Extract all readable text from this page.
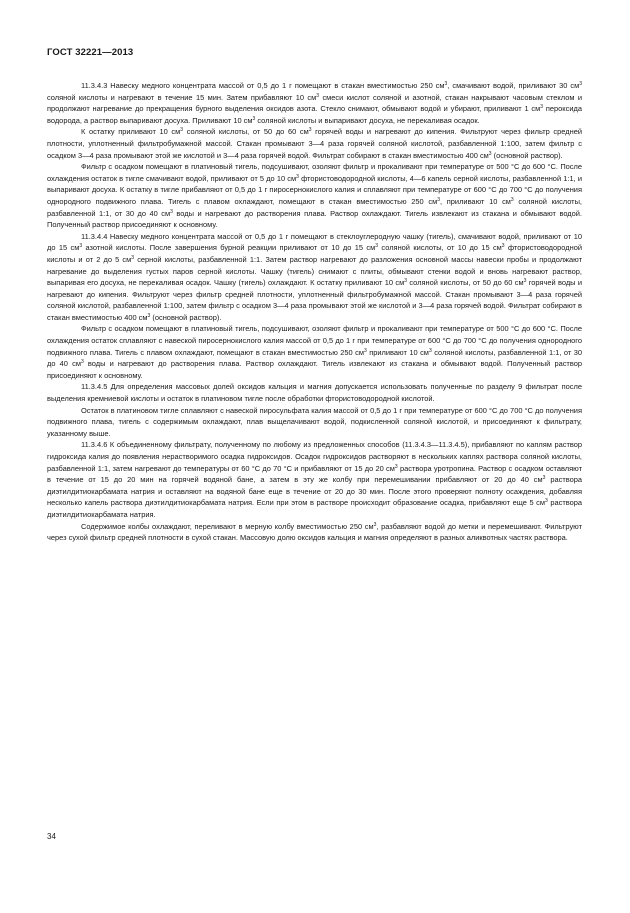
ГОСТ 32221—2013

11.3.4.3 Навеску медного концентрата массой от 0,5 до 1 г помещают в стакан вместимостью 250 $см^3$, смачивают водой, приливают 30 $см^3$ соляной кислоты и нагревают в течение 15 мин. Затем прибавляют 10 $см^3$ смеси кислот соляной и азотной, стакан накрывают часовым стеклом и продолжают нагревание до прекращения бурного выделения оксидов азота. Стекло снимают, обмывают водой и убирают, приливают 1 $см^3$ пероксида водорода, а раствор выпаривают досуха. Приливают 10 $см^3$ соляной кислоты и выпаривают досуха, не перекаливая осадок.

К остатку приливают 10 $см^3$ соляной кислоты, от 50 до 60 $см^3$ горячей воды и нагревают до кипения. Фильтруют через фильтр средней плотности, уплотненный фильтробумажной массой. Стакан промывают 3—4 раза горячей соляной кислотой, разбавленной 1:100, затем фильтр с осадком 3—4 раза промывают этой же кислотой и 3—4 раза горячей водой. Фильтрат собирают в стакан вместимостью 400 $см^3$ (основной раствор).

Фильтр с осадком помещают в платиновый тигель, подсушивают, озоляют фильтр и прокаливают при температуре от 500 °С до 600 °С. После охлаждения остаток в тигле смачивают водой, приливают от 5 до 10 $см^3$ фтористоводородной кислоты, 4—6 капель серной кислоты, разбавленной 1:1, и выпаривают досуха. К остатку в тигле прибавляют от 0,5 до 1 г пиросернокислого калия и сплавляют при температуре от 600 °С до 700 °С до получения однородного подвижного плава. Тигель с плавом охлаждают, помещают в стакан вместимостью 250 $см^3$, приливают 10 $см^3$ соляной кислоты, разбавленной 1:1, от 30 до 40 $см^3$ воды и нагревают до растворения плава. Раствор охлаждают. Тигель извлекают из стакана и обмывают водой. Полученный раствор присоединяют к основному.

11.3.4.4 Навеску медного концентрата массой от 0,5 до 1 г помещают в стеклоуглеродную чашку (тигель), смачивают водой, приливают от 10 до 15 $см^3$ азотной кислоты. После завершения бурной реакции приливают от 10 до 15 $см^3$ соляной кислоты, от 10 до 15 $см^3$ фтористоводородной кислоты и от 2 до 5 $см^3$ серной кислоты, разбавленной 1:1. Затем раствор нагревают до разложения основной массы навески пробы и продолжают нагревание до выделения густых паров серной кислоты. Чашку (тигель) снимают с плиты, обмывают стенки водой и вновь нагревают раствор, выпаривая его досуха, не перекаливая осадок. Чашку (тигель) охлаждают. К остатку приливают 10 $см^3$ соляной кислоты, от 50 до 60 $см^3$ горячей воды и нагревают до кипения. Фильтруют через фильтр средней плотности, уплотненный фильтробумажной массой. Стакан промывают 3—4 раза горячей соляной кислотой, разбавленной 1:100, затем фильтр с осадком 3—4 раза промывают этой же кислотой и 3—4 раза горячей водой. Фильтрат собирают в стакан вместимостью 400 $см^3$ (основной раствор).

Фильтр с осадком помещают в платиновый тигель, подсушивают, озоляют фильтр и прокаливают при температуре от 500 °С до 600 °С. После охлаждения остаток сплавляют с навеской пиросернокислого калия массой от 0,5 до 1 г при температуре от 600 °С до 700 °С до получения однородного подвижного плава. Тигель с плавом охлаждают, помещают в стакан вместимостью 250 $см^3$ приливают 10 $см^3$ соляной кислоты, разбавленной 1:1, от 30 до 40 $см^3$ воды и нагревают до растворения плава. Раствор охлаждают. Тигель извлекают из стакана и обмывают водой. Полученный раствор присоединяют к основному.

11.3.4.5 Для определения массовых долей оксидов кальция и магния допускается использовать полученные по разделу 9 фильтрат после выделения кремниевой кислоты и остаток в платиновом тигле после обработки фтористоводородной кислотой.

Остаток в платиновом тигле сплавляют с навеской пиросульфата калия массой от 0,5 до 1 г при температуре от 600 °С до 700 °С до получения подвижного плава, тигель с содержимым охлаждают, плав выщелачивают водой, подкисленной соляной кислотой, и присоединяют к фильтрату, указанному выше.

11.3.4.6 К объединенному фильтрату, полученному по любому из предложенных способов (11.3.4.3—11.3.4.5), прибавляют по каплям раствор гидроксида калия до появления нерастворимого осадка гидроксидов. Осадок гидроксидов растворяют в нескольких каплях раствора соляной кислоты, разбавленной 1:1, затем нагревают до температуры от 60 °С до 70 °С и прибавляют от 15 до 20 $см^3$ раствора уротропина. Раствор с осадком оставляют в течение от 15 до 20 мин на горячей водяной бане, а затем в эту же колбу при перемешивании прибавляют от 20 до 40 $см^3$ раствора диэтилдитиокарбамата натрия и оставляют на водяной бане еще в течение от 20 до 30 мин. После этого проверяют полноту осаждения, добавляя несколько капель раствора диэтилдитиокарбамата натрия. Если при этом в растворе происходит образование осадка, прибавляют еще 5 $см^3$ раствора диэтилдитиокарбамата натрия.

Содержимое колбы охлаждают, переливают в мерную колбу вместимостью 250 $см^3$, разбавляют водой до метки и перемешивают. Фильтруют через сухой фильтр средней плотности в сухой стакан. Массовую долю оксидов кальция и магния определяют в разных аликвотных частях раствора.

34
